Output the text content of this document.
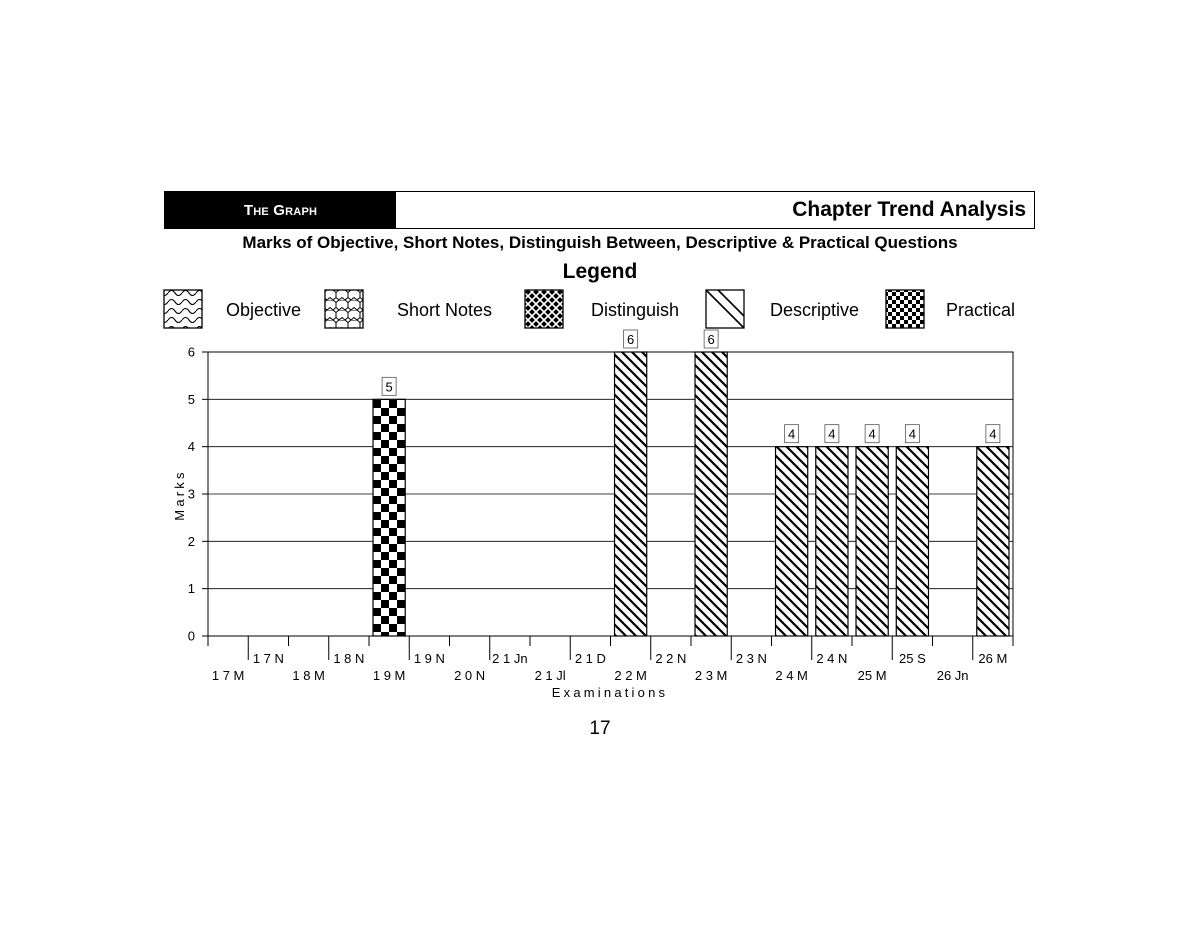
The Graph	Chapter Trend Analysis
Marks of Objective, Short Notes, Distinguish Between, Descriptive & Practical Questions
Legend
17
Objective	Short Notes	Distinguish	Descriptive	Practical
0
1
2
3
4
5
6
1 7 M
1 7 N
1 8 M
1 8 N
1 9 M
1 9 N
2 0 N
2 1 Jn
2 1 Jl
2 1 D
2 2 M
2 2 N
2 3 M
2 3 N
2 4 M
2 4 N
25 M
25 S
26 Jn
26 M
5
6	6
4	4	4	4	4
Examinations
Marks
